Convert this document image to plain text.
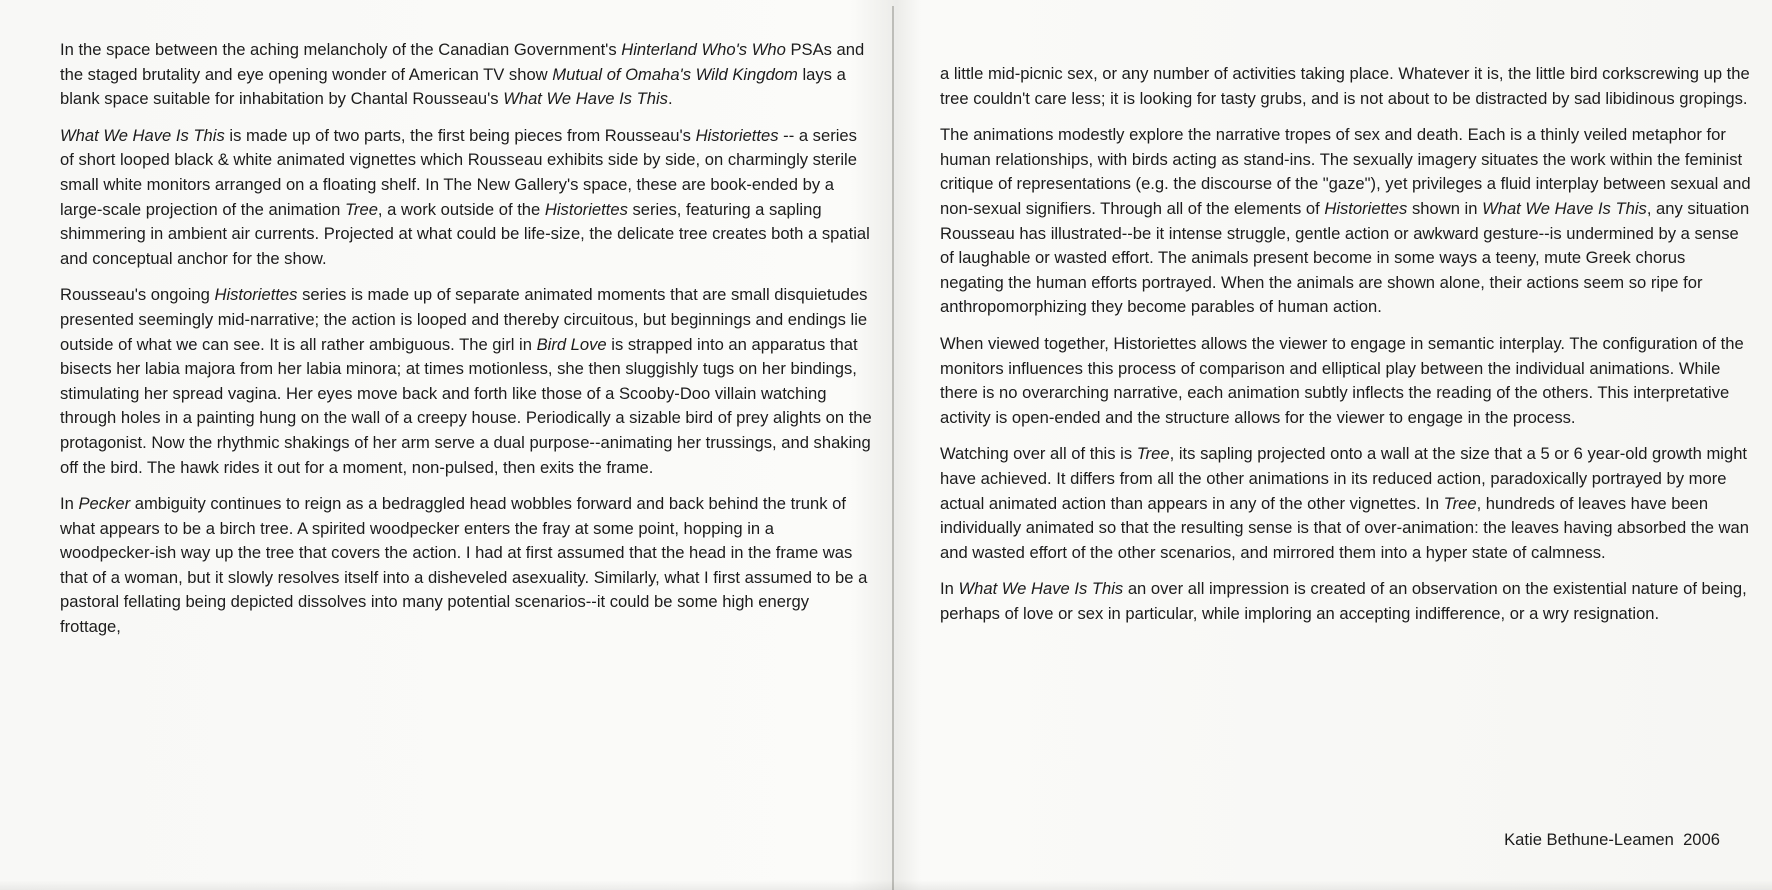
In the space between the aching melancholy of the Canadian Government's Hinterland Who's Who PSAs and the staged brutality and eye opening wonder of American TV show Mutual of Omaha's Wild Kingdom lays a blank space suitable for inhabitation by Chantal Rousseau's What We Have Is This.

What We Have Is This is made up of two parts, the first being pieces from Rousseau's Historiettes -- a series of short looped black & white animated vignettes which Rousseau exhibits side by side, on charmingly sterile small white monitors arranged on a floating shelf. In The New Gallery's space, these are book-ended by a large-scale projection of the animation Tree, a work outside of the Historiettes series, featuring a sapling shimmering in ambient air currents. Projected at what could be life-size, the delicate tree creates both a spatial and conceptual anchor for the show.

Rousseau's ongoing Historiettes series is made up of separate animated moments that are small disquietudes presented seemingly mid-narrative; the action is looped and thereby circuitous, but beginnings and endings lie outside of what we can see. It is all rather ambiguous. The girl in Bird Love is strapped into an apparatus that bisects her labia majora from her labia minora; at times motionless, she then sluggishly tugs on her bindings, stimulating her spread vagina. Her eyes move back and forth like those of a Scooby-Doo villain watching through holes in a painting hung on the wall of a creepy house. Periodically a sizable bird of prey alights on the protagonist. Now the rhythmic shakings of her arm serve a dual purpose--animating her trussings, and shaking off the bird. The hawk rides it out for a moment, non-pulsed, then exits the frame.

In Pecker ambiguity continues to reign as a bedraggled head wobbles forward and back behind the trunk of what appears to be a birch tree. A spirited woodpecker enters the fray at some point, hopping in a woodpecker-ish way up the tree that covers the action. I had at first assumed that the head in the frame was that of a woman, but it slowly resolves itself into a disheveled asexuality. Similarly, what I first assumed to be a pastoral fellating being depicted dissolves into many potential scenarios--it could be some high energy frottage,

a little mid-picnic sex, or any number of activities taking place. Whatever it is, the little bird corkscrewing up the tree couldn't care less; it is looking for tasty grubs, and is not about to be distracted by sad libidinous gropings.

The animations modestly explore the narrative tropes of sex and death. Each is a thinly veiled metaphor for human relationships, with birds acting as stand-ins. The sexually imagery situates the work within the feminist critique of representations (e.g. the discourse of the "gaze"), yet privileges a fluid interplay between sexual and non-sexual signifiers. Through all of the elements of Historiettes shown in What We Have Is This, any situation Rousseau has illustrated--be it intense struggle, gentle action or awkward gesture--is undermined by a sense of laughable or wasted effort. The animals present become in some ways a teeny, mute Greek chorus negating the human efforts portrayed. When the animals are shown alone, their actions seem so ripe for anthropomorphizing they become parables of human action.

When viewed together, Historiettes allows the viewer to engage in semantic interplay. The configuration of the monitors influences this process of comparison and elliptical play between the individual animations. While there is no overarching narrative, each animation subtly inflects the reading of the others. This interpretative activity is open-ended and the structure allows for the viewer to engage in the process.

Watching over all of this is Tree, its sapling projected onto a wall at the size that a 5 or 6 year-old growth might have achieved. It differs from all the other animations in its reduced action, paradoxically portrayed by more actual animated action than appears in any of the other vignettes. In Tree, hundreds of leaves have been individually animated so that the resulting sense is that of over-animation: the leaves having absorbed the wan and wasted effort of the other scenarios, and mirrored them into a hyper state of calmness.

In What We Have Is This an over all impression is created of an observation on the existential nature of being, perhaps of love or sex in particular, while imploring an accepting indifference, or a wry resignation.

Katie Bethune-Leamen  2006
